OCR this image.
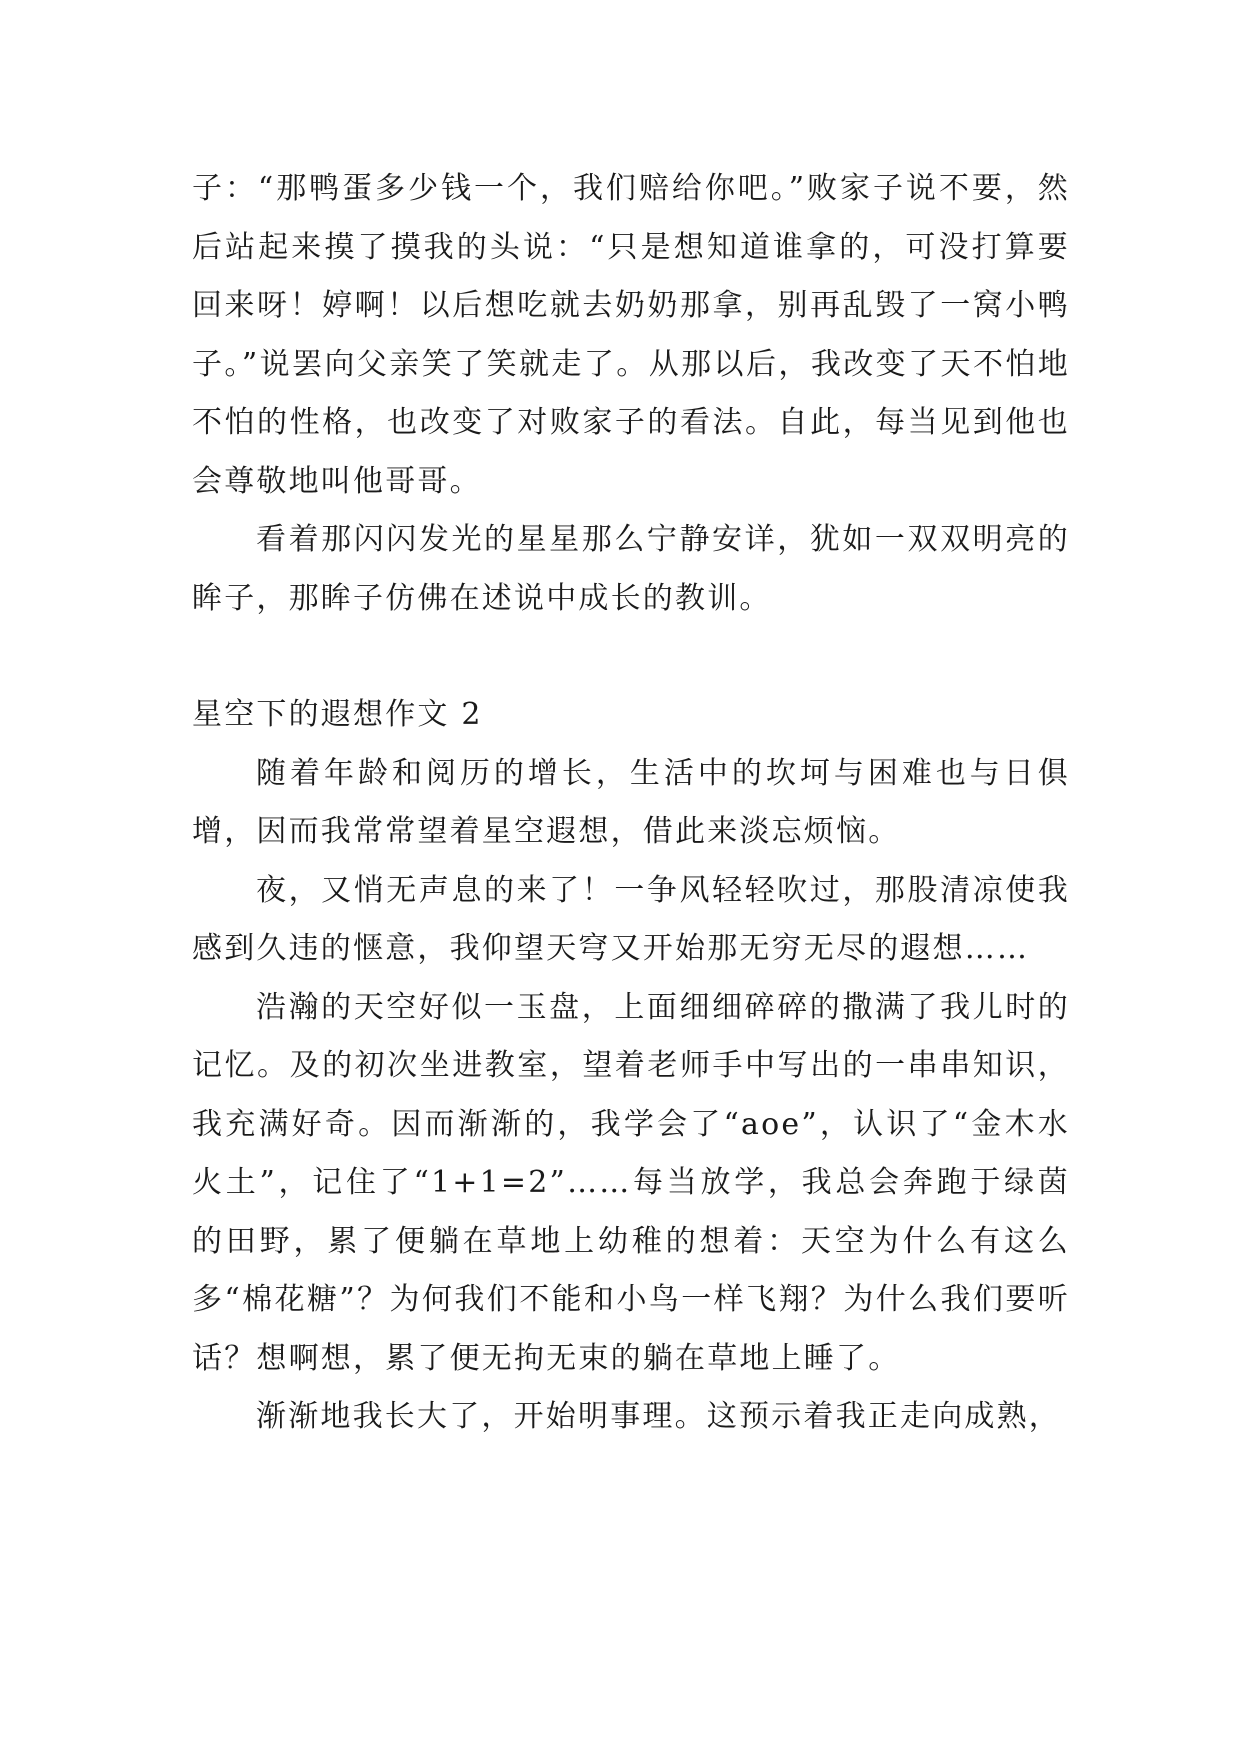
子：“那鸭蛋多少钱一个，我们赔给你吧。”败家子说不要，然后站起来摸了摸我的头说：“只是想知道谁拿的，可没打算要回来呀！婷啊！以后想吃就去奶奶那拿，别再乱毁了一窝小鸭子。”说罢向父亲笑了笑就走了。从那以后，我改变了天不怕地不怕的性格，也改变了对败家子的看法。自此，每当见到他也会尊敬地叫他哥哥。

看着那闪闪发光的星星那么宁静安详，犹如一双双明亮的眸子，那眸子仿佛在述说中成长的教训。

星空下的遐想作文 2

随着年龄和阅历的增长，生活中的坎坷与困难也与日俱增，因而我常常望着星空遐想，借此来淡忘烦恼。

夜，又悄无声息的来了！一争风轻轻吹过，那股清凉使我感到久违的惬意，我仰望天穹又开始那无穷无尽的遐想……

浩瀚的天空好似一玉盘，上面细细碎碎的撒满了我儿时的记忆。及的初次坐进教室，望着老师手中写出的一串串知识，我充满好奇。因而渐渐的，我学会了“aoe”，认识了“金木水火土”，记住了“1+1=2”……每当放学，我总会奔跑于绿茵的田野，累了便躺在草地上幼稚的想着：天空为什么有这么多“棉花糖”？为何我们不能和小鸟一样飞翔？为什么我们要听话？想啊想，累了便无拘无束的躺在草地上睡了。

渐渐地我长大了，开始明事理。这预示着我正走向成熟，
